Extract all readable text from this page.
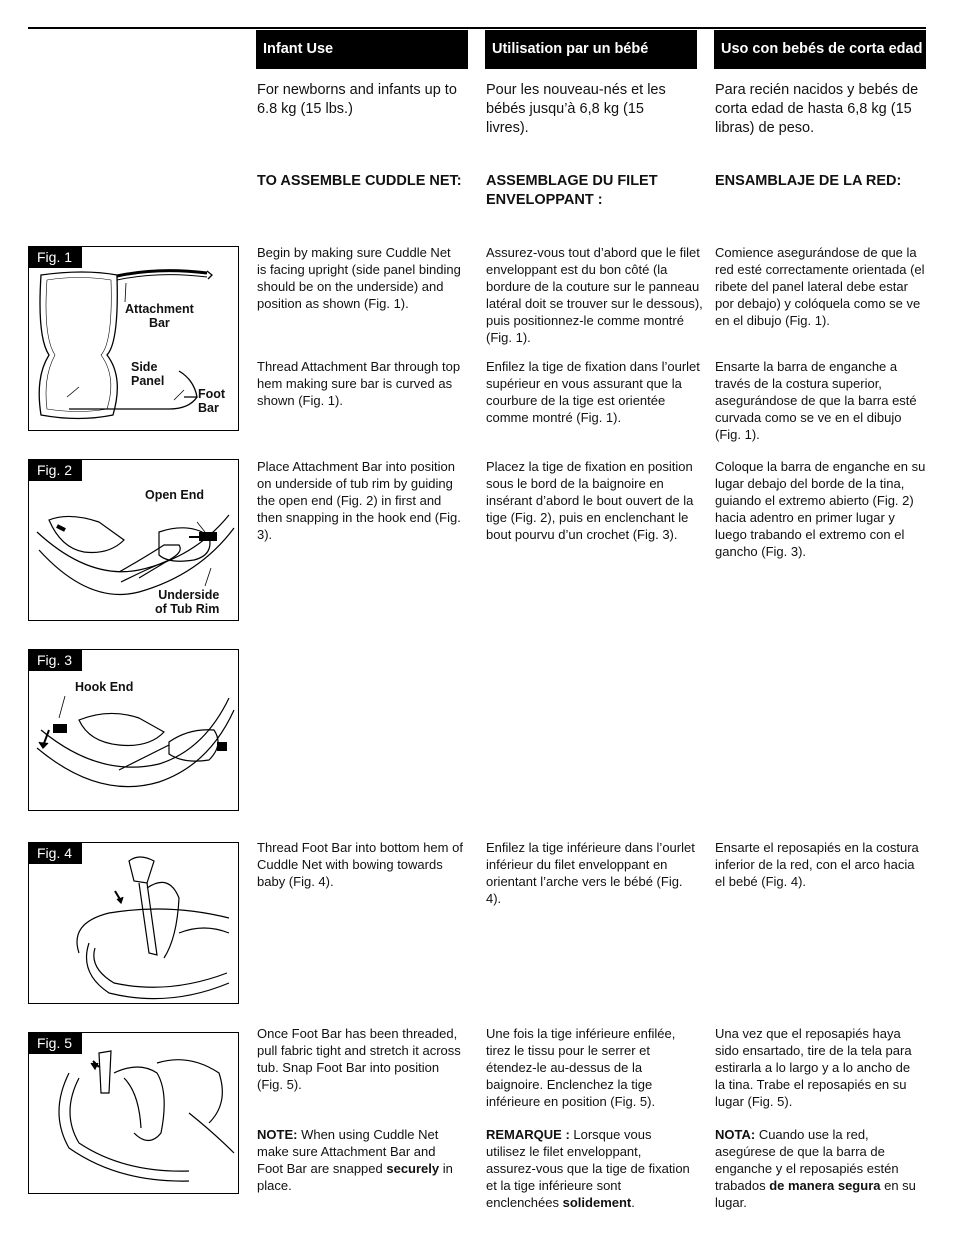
Infant Use	Utilisation par un bébé	Uso con bebés de corta edad
For newborns and infants up to 6.8 kg (15 lbs.)
Pour les nouveau-nés et les bébés jusqu’à 6,8 kg (15 livres).
Para recién nacidos y bebés de corta edad de hasta 6,8 kg (15 libras) de peso.
TO ASSEMBLE CUDDLE NET: ASSEMBLAGE DU FILET ENVELOPPANT :
ENSAMBLAJE DE LA RED:
Begin by making sure Cuddle Net is facing upright (side panel binding should be on the underside) and position as shown (Fig. 1).
Assurez-vous tout d’abord que le filet enveloppant est du bon côté (la bordure de la couture sur le panneau latéral doit se trouver sur le dessous), puis positionnez-le comme montré (Fig. 1).
Comience asegurándose de que la red esté correctamente orientada (el ribete del panel lateral debe estar por debajo) y colóquela como se ve en el dibujo (Fig. 1).
Thread Attachment Bar through top hem making sure bar is curved as shown (Fig. 1).
Enfilez la tige de fixation dans l’ourlet supérieur en vous assurant que la courbure de la tige est orientée comme montré (Fig. 1).
Ensarte la barra de enganche a través de la costura superior, asegurándose de que la barra esté curvada como se ve en el dibujo (Fig. 1).
Place Attachment Bar into position on underside of tub rim by guiding the open end (Fig. 2) in first and then snapping in the hook end (Fig. 3).
Placez la tige de fixation en position sous le bord de la baignoire en insérant d’abord le bout ouvert de la tige (Fig. 2), puis en enclenchant le bout pourvu d’un crochet (Fig. 3).
Coloque la barra de enganche en su lugar debajo del borde de la tina, guiando el extremo abierto (Fig. 2) hacia adentro en primer lugar y luego trabando el extremo con el gancho (Fig. 3).
Thread Foot Bar into bottom hem of Cuddle Net with bowing towards baby (Fig. 4).
Enfilez la tige inférieure dans l’ourlet inférieur du filet enveloppant en orientant l’arche vers le bébé (Fig. 4).
Ensarte el reposapiés en la costura inferior de la red, con el arco hacia el bebé (Fig. 4).
Once Foot Bar has been threaded, pull fabric tight and stretch it across tub. Snap Foot Bar into position (Fig. 5).
Une fois la tige inférieure enfilée, tirez le tissu pour le serrer et étendez-le au-dessus de la baignoire. Enclenchez la tige inférieure en position (Fig. 5).
Una vez que el reposapiés haya sido ensartado, tire de la tela para estirarla a lo largo y a lo ancho de la tina. Trabe el reposapiés en su lugar (Fig. 5).
NOTE: When using Cuddle Net make sure Attachment Bar and Foot Bar are snapped securely in place.
REMARQUE : Lorsque vous utilisez le filet enveloppant, assurez-vous que la tige de fixation et la tige inférieure sont enclenchées solidement.
NOTA: Cuando use la red, asegúrese de que la barra de enganche y el reposapiés estén trabados de manera segura en su lugar.
Fig. 1
Attachment
Bar
Side
Panel
Foot
Bar
Fig. 2
Open End
Underside
of Tub Rim
Fig. 3
Hook End
Fig. 4
Fig. 5
